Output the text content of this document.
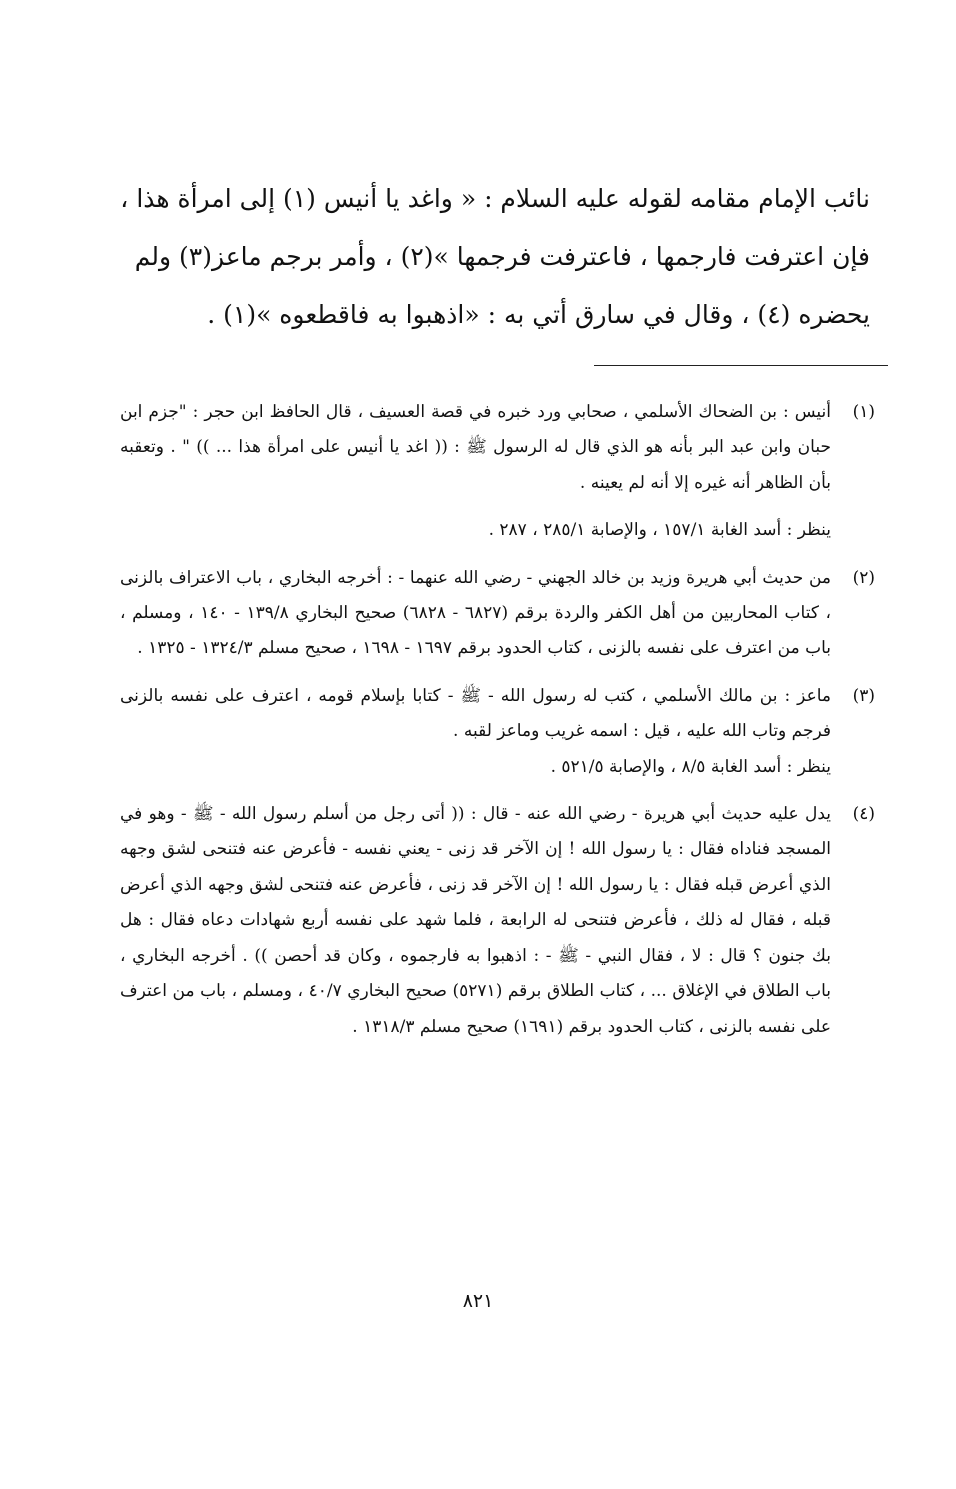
نائب الإمام مقامه لقوله عليه السلام : « واغد يا أنيس (١) إلى امرأة هذا ،

فإن اعترفت فارجمها ، فاعترفت فرجمها »(٢) ، وأمر برجم ماعز(٣) ولم

يحضره (٤) ، وقال في سارق أتي به : «اذهبوا به فاقطعوه »(١) .

(١)

أنيس : بن الضحاك الأسلمي ، صحابي ورد خبره في قصة العسيف ، قال الحافظ ابن حجر : "جزم ابن حبان وابن عبد البر بأنه هو الذي قال له الرسول ﷺ : (( اغد يا أنيس على امرأة هذا ... )) " . وتعقبه بأن الظاهر أنه غيره إلا أنه لم يعينه .

ينظر : أسد الغابة ١٥٧/١ ، والإصابة ٢٨٥/١ ، ٢٨٧ .

(٢)

من حديث أبي هريرة وزيد بن خالد الجهني - رضي الله عنهما - : أخرجه البخاري ، باب الاعتراف بالزنى ، كتاب المحاربين من أهل الكفر والردة برقم (٦٨٢٧ - ٦٨٢٨) صحيح البخاري ١٣٩/٨ - ١٤٠ ، ومسلم ، باب من اعترف على نفسه بالزنى ، كتاب الحدود برقم ١٦٩٧ - ١٦٩٨ ، صحيح مسلم ١٣٢٤/٣ - ١٣٢٥ .

(٣)

ماعز : بن مالك الأسلمي ، كتب له رسول الله - ﷺ - كتابا بإسلام قومه ، اعترف على نفسه بالزنى فرجم وتاب الله عليه ، قيل : اسمه غريب وماعز لقبه .

ينظر : أسد الغابة ٨/٥ ، والإصابة ٥٢١/٥ .

(٤)

يدل عليه حديث أبي هريرة - رضي الله عنه - قال : (( أتى رجل من أسلم رسول الله - ﷺ - وهو في المسجد فناداه فقال : يا رسول الله ! إن الآخر قد زنى - يعني نفسه - فأعرض عنه فتنحى لشق وجهه الذي أعرض قبله فقال : يا رسول الله ! إن الآخر قد زنى ، فأعرض عنه فتنحى لشق وجهه الذي أعرض قبله ، فقال له ذلك ، فأعرض فتنحى له الرابعة ، فلما شهد على نفسه أربع شهادات دعاه فقال : هل بك جنون ؟ قال : لا ، فقال النبي - ﷺ - : اذهبوا به فارجموه ، وكان قد أحصن )) . أخرجه البخاري ، باب الطلاق في الإغلاق ... ، كتاب الطلاق برقم (٥٢٧١) صحيح البخاري ٤٠/٧ ، ومسلم ، باب من اعترف على نفسه بالزنى ، كتاب الحدود برقم (١٦٩١) صحيح مسلم ١٣١٨/٣ .

٨٢١
